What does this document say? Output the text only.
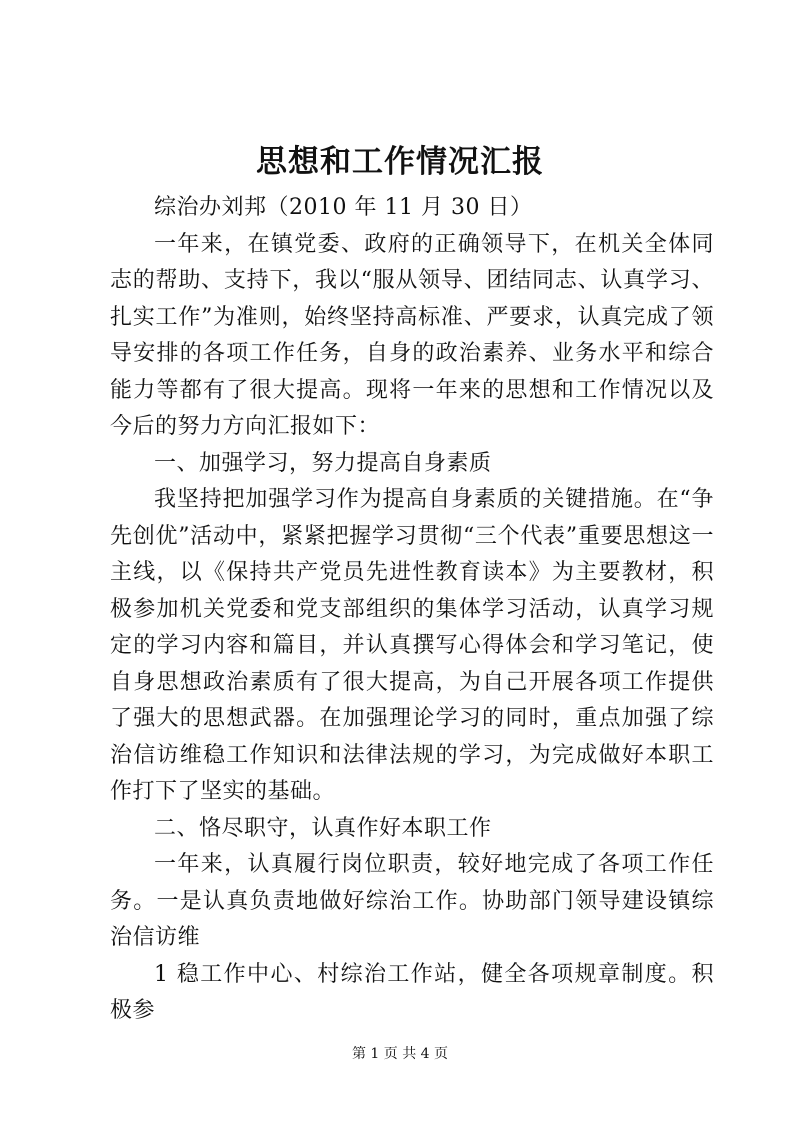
思想和工作情况汇报

综治办刘邦（2010 年 11 月 30 日）

一年来，在镇党委、政府的正确领导下，在机关全体同志的帮助、支持下，我以“服从领导、团结同志、认真学习、扎实工作”为准则，始终坚持高标准、严要求，认真完成了领导安排的各项工作任务，自身的政治素养、业务水平和综合能力等都有了很大提高。现将一年来的思想和工作情况以及今后的努力方向汇报如下：

一、加强学习，努力提高自身素质

我坚持把加强学习作为提高自身素质的关键措施。在“争先创优”活动中，紧紧把握学习贯彻“三个代表”重要思想这一主线，以《保持共产党员先进性教育读本》为主要教材，积极参加机关党委和党支部组织的集体学习活动，认真学习规定的学习内容和篇目，并认真撰写心得体会和学习笔记，使自身思想政治素质有了很大提高，为自己开展各项工作提供了强大的思想武器。在加强理论学习的同时，重点加强了综治信访维稳工作知识和法律法规的学习，为完成做好本职工作打下了坚实的基础。

二、恪尽职守，认真作好本职工作

一年来，认真履行岗位职责，较好地完成了各项工作任务。一是认真负责地做好综治工作。协助部门领导建设镇综治信访维

1 稳工作中心、村综治工作站，健全各项规章制度。积极参

第 1 页 共 4 页
